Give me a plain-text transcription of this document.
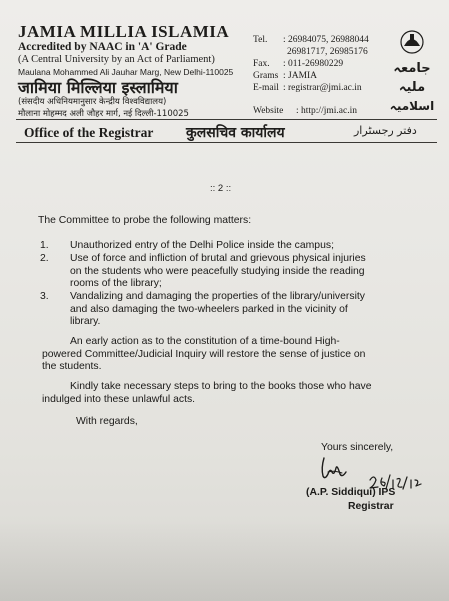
JAMIA MILLIA ISLAMIA
Accredited by NAAC in 'A' Grade
(A Central University by an Act of Parliament)
Maulana Mohammed Ali Jauhar Marg, New Delhi-110025
जामिया मिल्लिया इस्लामिया
(संसदीय अधिनियमानुसार केन्द्रीय विश्वविद्यालय)
मौलाना मोहम्मद अली जौहर मार्ग, नई दिल्ली-110025
Tel. : 26984075, 26988044
26981717, 26985176
Fax. : 011-26980229
Grams : JAMIA
E-mail : registrar@jmi.ac.in
Website : http://jmi.ac.in
جامعہ
ملیہ
اسلامیہ
Office of the Registrar कुलसचिव कार्यालय	دفتر رجسٹرار
:: 2 ::
The Committee to probe the following matters:
1. Unauthorized entry of the Delhi Police inside the campus;
2. Use of force and infliction of brutal and grievous physical injuries
on the students who were peacefully studying inside the reading
rooms of the library;
3. Vandalizing and damaging the properties of the library/university
and also damaging the two-wheelers parked in the vicinity of
library.
An early action as to the constitution of a time-bound High-
powered Committee/Judicial Inquiry will restore the sense of justice on
the students.
Kindly take necessary steps to bring to the books those who have
indulged into these unlawful acts.
With regards,
Yours sincerely,
(A.P. Siddiqui) IPS
Registrar
